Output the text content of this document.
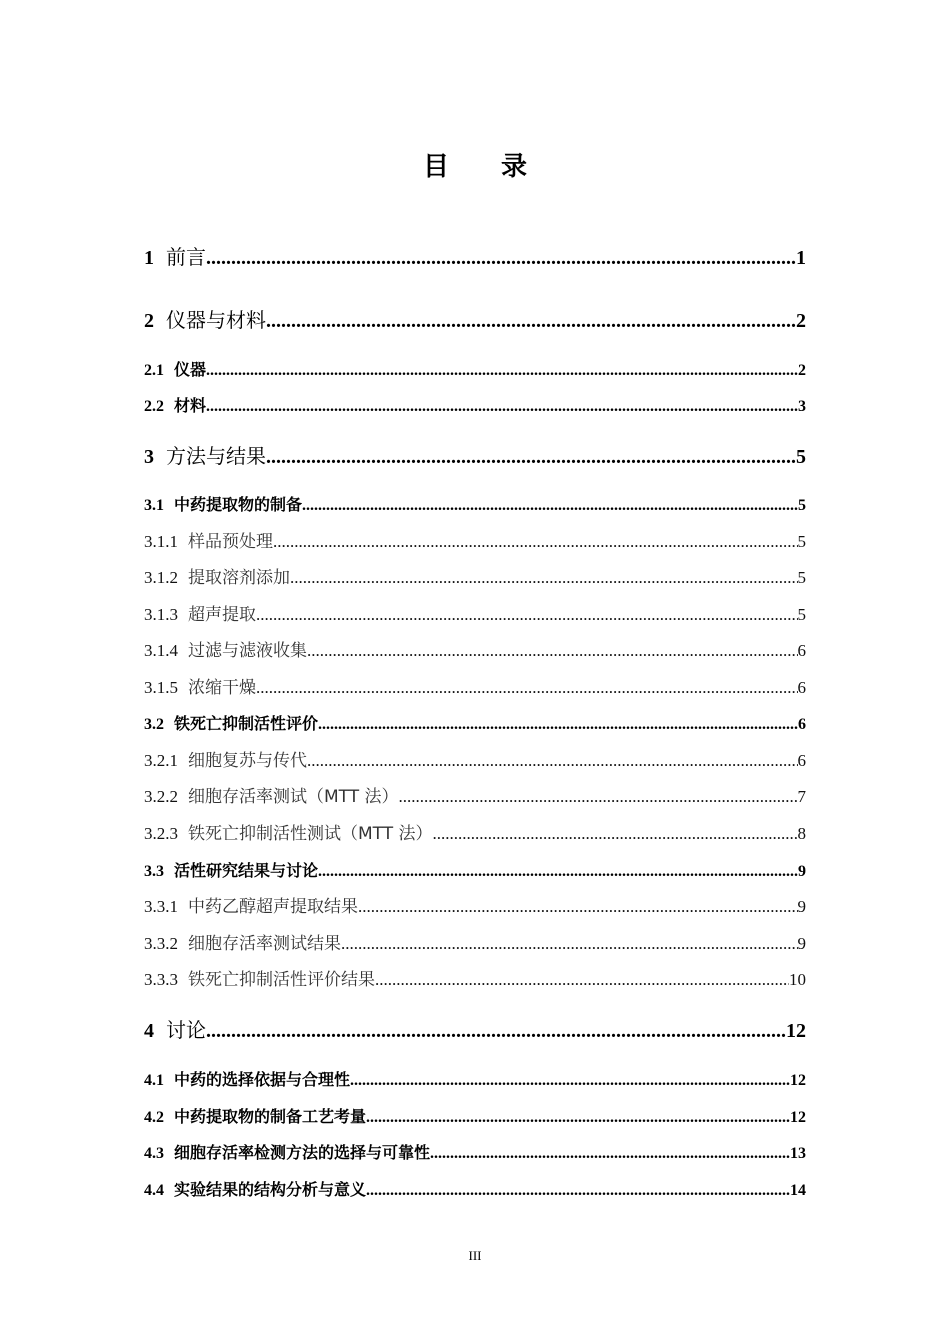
目　　录
1 前言 .....	1
2 仪器与材料 .....	2
2.1 仪器 .....	2
2.2 材料 .....	3
3 方法与结果 .....	5
3.1 中药提取物的制备 .....	5
3.1.1 样品预处理 .....	5
3.1.2 提取溶剂添加 .....	5
3.1.3 超声提取 .....	5
3.1.4 过滤与滤液收集 .....	6
3.1.5 浓缩干燥 .....	6
3.2 铁死亡抑制活性评价 .....	6
3.2.1 细胞复苏与传代 .....	6
3.2.2 细胞存活率测试（MTT 法） .....	7
3.2.3 铁死亡抑制活性测试（MTT 法） .....	8
3.3 活性研究结果与讨论 .....	9
3.3.1 中药乙醇超声提取结果 .....	9
3.3.2 细胞存活率测试结果 .....	9
3.3.3 铁死亡抑制活性评价结果 .....	10
4 讨论 .....	12
4.1 中药的选择依据与合理性 .....	12
4.2 中药提取物的制备工艺考量 .....	12
4.3 细胞存活率检测方法的选择与可靠性 .....	13
4.4 实验结果的结构分析与意义 .....	14
III
